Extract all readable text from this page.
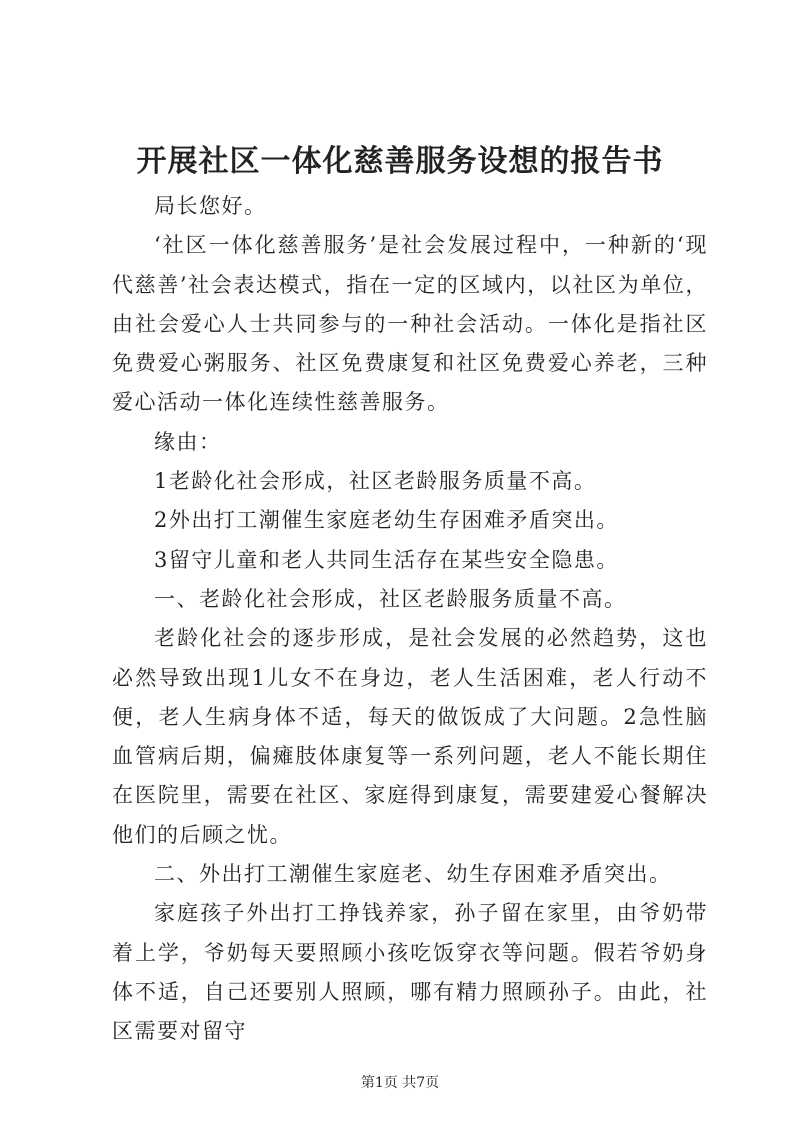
开展社区一体化慈善服务设想的报告书

局长您好。

‘社区一体化慈善服务’是社会发展过程中，一种新的‘现代慈善’社会表达模式，指在一定的区域内，以社区为单位，由社会爱心人士共同参与的一种社会活动。一体化是指社区免费爱心粥服务、社区免费康复和社区免费爱心养老，三种爱心活动一体化连续性慈善服务。

缘由：

1老龄化社会形成，社区老龄服务质量不高。

2外出打工潮催生家庭老幼生存困难矛盾突出。

3留守儿童和老人共同生活存在某些安全隐患。

一、老龄化社会形成，社区老龄服务质量不高。

老龄化社会的逐步形成，是社会发展的必然趋势，这也必然导致出现1儿女不在身边，老人生活困难，老人行动不便，老人生病身体不适，每天的做饭成了大问题。2急性脑血管病后期，偏瘫肢体康复等一系列问题，老人不能长期住在医院里，需要在社区、家庭得到康复，需要建爱心餐解决他们的后顾之忧。

二、外出打工潮催生家庭老、幼生存困难矛盾突出。

家庭孩子外出打工挣钱养家，孙子留在家里，由爷奶带着上学，爷奶每天要照顾小孩吃饭穿衣等问题。假若爷奶身体不适，自己还要别人照顾，哪有精力照顾孙子。由此，社区需要对留守

第1页 共7页
